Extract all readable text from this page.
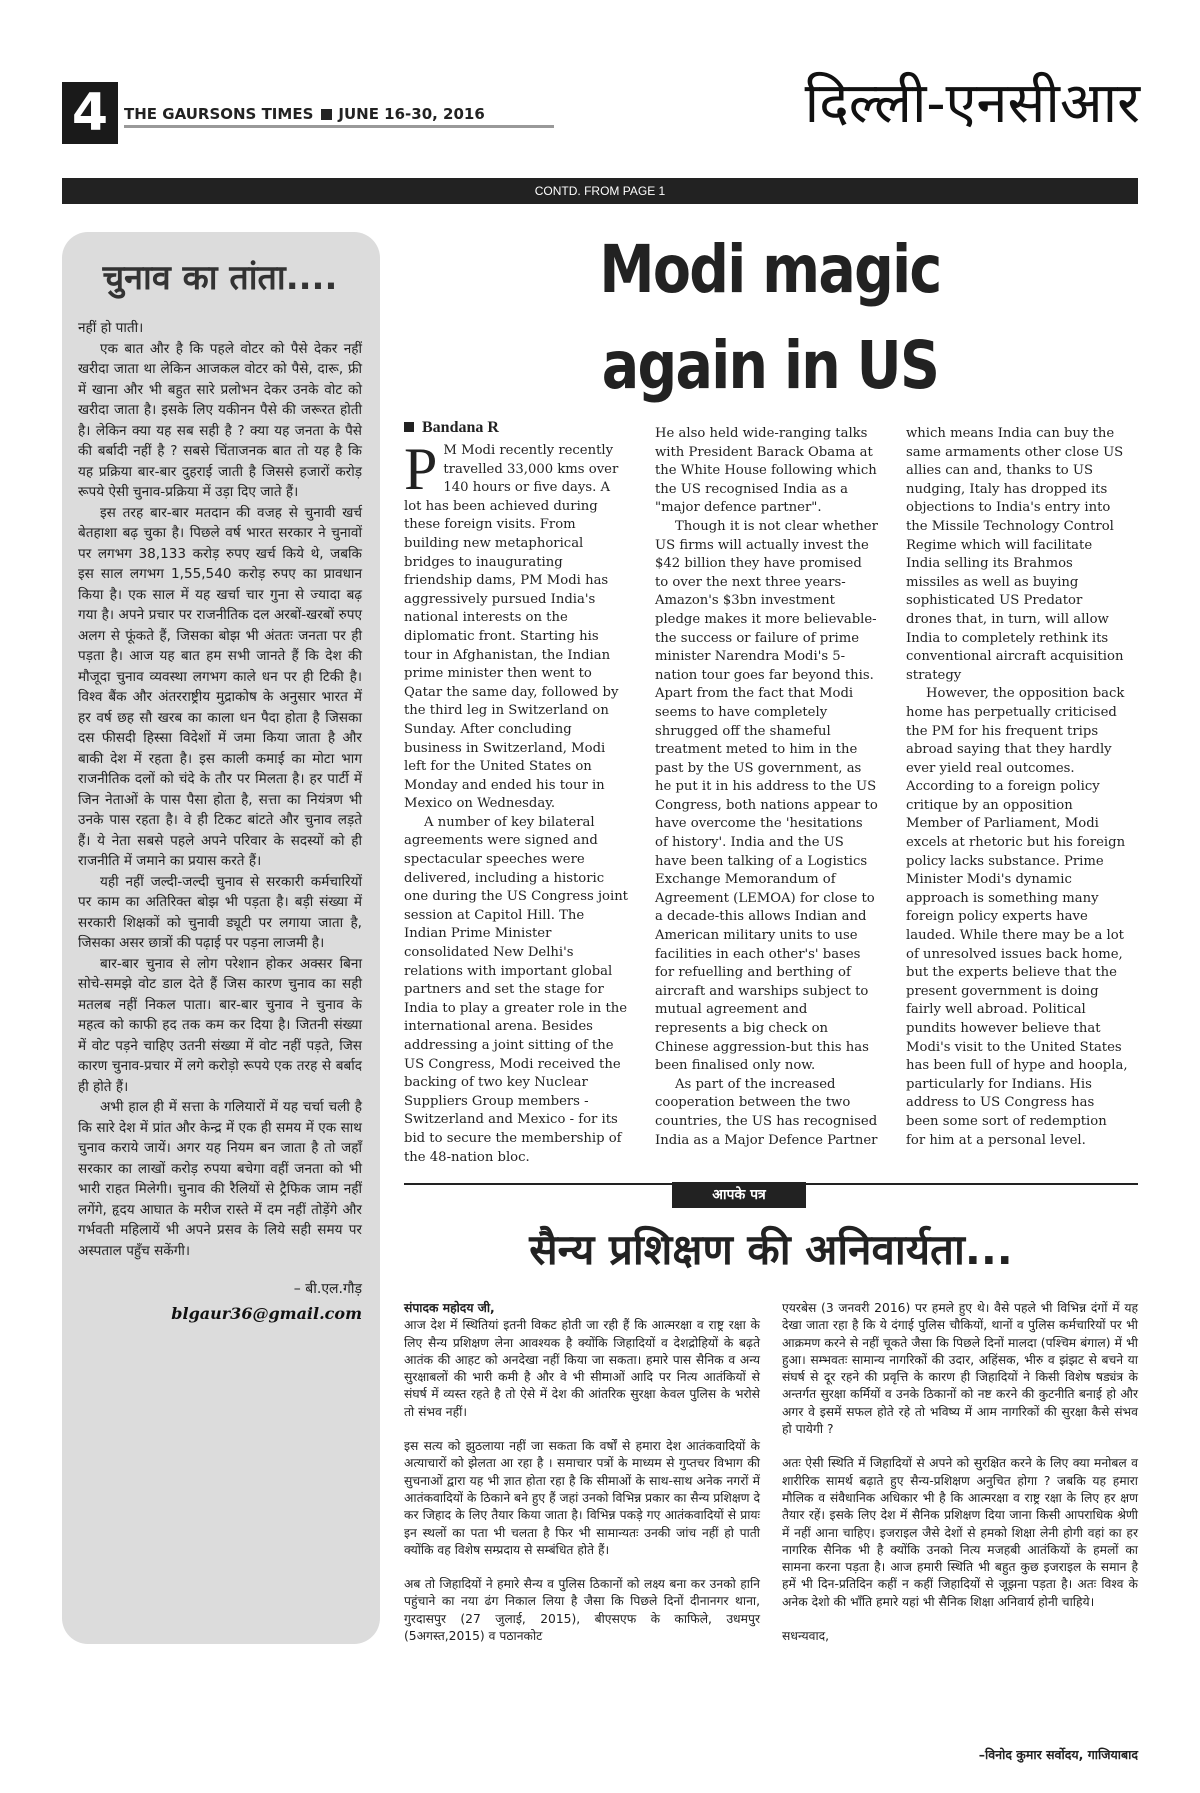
4	THE GAURSONS TIMES JUNE 16-30, 2016	दिल्ली-एनसीआर
CONTD. FROM PAGE 1
चुनाव का तांता....

नहीं हो पाती।

एक बात और है कि पहले वोटर को पैसे देकर नहीं खरीदा जाता था लेकिन आजकल वोटर को पैसे, दारू, फ्री में खाना और भी बहुत सारे प्रलोभन देकर उनके वोट को खरीदा जाता है। इसके लिए यकीनन पैसे की जरूरत होती है। लेकिन क्या यह सब सही है ? क्या यह जनता के पैसे की बर्बादी नहीं है ? सबसे चिंताजनक बात तो यह है कि यह प्रक्रिया बार-बार दुहराई जाती है जिससे हजारों करोड़ रूपये ऐसी चुनाव-प्रक्रिया में उड़ा दिए जाते हैं।

इस तरह बार-बार मतदान की वजह से चुनावी खर्च बेतहाशा बढ़ चुका है। पिछले वर्ष भारत सरकार ने चुनावों पर लगभग 38,133 करोड़ रुपए खर्च किये थे, जबकि इस साल लगभग 1,55,540 करोड़ रुपए का प्रावधान किया है। एक साल में यह खर्चा चार गुना से ज्यादा बढ़ गया है। अपने प्रचार पर राजनीतिक दल अरबों-खरबों रुपए अलग से फूंकते हैं, जिसका बोझ भी अंततः जनता पर ही पड़ता है। आज यह बात हम सभी जानते हैं कि देश की मौजूदा चुनाव व्यवस्था लगभग काले धन पर ही टिकी है। विश्व बैंक और अंतरराष्ट्रीय मुद्राकोष के अनुसार भारत में हर वर्ष छह सौ खरब का काला धन पैदा होता है जिसका दस फीसदी हिस्सा विदेशों में जमा किया जाता है और बाकी देश में रहता है। इस काली कमाई का मोटा भाग राजनीतिक दलों को चंदे के तौर पर मिलता है। हर पार्टी में जिन नेताओं के पास पैसा होता है, सत्ता का नियंत्रण भी उनके पास रहता है। वे ही टिकट बांटते और चुनाव लड़ते हैं। ये नेता सबसे पहले अपने परिवार के सदस्यों को ही राजनीति में जमाने का प्रयास करते हैं।

यही नहीं जल्दी-जल्दी चुनाव से सरकारी कर्मचारियों पर काम का अतिरिक्त बोझ भी पड़ता है। बड़ी संख्या में सरकारी शिक्षकों को चुनावी ड्यूटी पर लगाया जाता है, जिसका असर छात्रों की पढ़ाई पर पड़ना लाजमी है।

बार-बार चुनाव से लोग परेशान होकर अक्सर बिना सोचे-समझे वोट डाल देते हैं जिस कारण चुनाव का सही मतलब नहीं निकल पाता। बार-बार चुनाव ने चुनाव के महत्व को काफी हद तक कम कर दिया है। जितनी संख्या में वोट पड़ने चाहिए उतनी संख्या में वोट नहीं पड़ते, जिस कारण चुनाव-प्रचार में लगे करोड़ो रूपये एक तरह से बर्बाद ही होते हैं।

अभी हाल ही में सत्ता के गलियारों में यह चर्चा चली है कि सारे देश में प्रांत और केन्द्र में एक ही समय में एक साथ चुनाव कराये जायें। अगर यह नियम बन जाता है तो जहाँ सरकार का लाखों करोड़ रुपया बचेगा वहीं जनता को भी भारी राहत मिलेगी। चुनाव की रैलियों से ट्रैफिक जाम नहीं लगेंगे, हृदय आघात के मरीज रास्ते में दम नहीं तोड़ेंगे और गर्भवती महिलायें भी अपने प्रसव के लिये सही समय पर अस्पताल पहुँच सकेंगी।

– बी.एल.गौड़
blgaur36@gmail.com
Modi magic
again in US
Bandana R

P M Modi recently recently travelled 33,000 kms over 140 hours or five days. A lot has been achieved during these foreign visits. From building new metaphorical bridges to inaugurating friendship dams, PM Modi has aggressively pursued India's national interests on the diplomatic front. Starting his tour in Afghanistan, the Indian prime minister then went to Qatar the same day, followed by the third leg in Switzerland on Sunday. After concluding business in Switzerland, Modi left for the United States on Monday and ended his tour in Mexico on Wednesday.

A number of key bilateral agreements were signed and spectacular speeches were delivered, including a historic one during the US Congress joint session at Capitol Hill. The Indian Prime Minister consolidated New Delhi's relations with important global partners and set the stage for India to play a greater role in the international arena. Besides addressing a joint sitting of the US Congress, Modi received the backing of two key Nuclear Suppliers Group members - Switzerland and Mexico - for its bid to secure the membership of the 48-nation bloc.

He also held wide-ranging talks with President Barack Obama at the White House following which the US recognised India as a "major defence partner".

Though it is not clear whether US firms will actually invest the $42 billion they have promised to over the next three years-Amazon's $3bn investment pledge makes it more believable-the success or failure of prime minister Narendra Modi's 5-nation tour goes far beyond this. Apart from the fact that Modi seems to have completely shrugged off the shameful treatment meted to him in the past by the US government, as he put it in his address to the US Congress, both nations appear to have overcome the 'hesitations of history'. India and the US have been talking of a Logistics Exchange Memorandum of Agreement (LEMOA) for close to a decade-this allows Indian and American military units to use facilities in each other's' bases for refuelling and berthing of aircraft and warships subject to mutual agreement and represents a big check on Chinese aggression-but this has been finalised only now.

As part of the increased cooperation between the two countries, the US has recognised India as a Major Defence Partner

which means India can buy the same armaments other close US allies can and, thanks to US nudging, Italy has dropped its objections to India's entry into the Missile Technology Control Regime which will facilitate India selling its Brahmos missiles as well as buying sophisticated US Predator drones that, in turn, will allow India to completely rethink its conventional aircraft acquisition strategy

However, the opposition back home has perpetually criticised the PM for his frequent trips abroad saying that they hardly ever yield real outcomes. According to a foreign policy critique by an opposition Member of Parliament, Modi excels at rhetoric but his foreign policy lacks substance. Prime Minister Modi's dynamic approach is something many foreign policy experts have lauded. While there may be a lot of unresolved issues back home, but the experts believe that the present government is doing fairly well abroad. Political pundits however believe that Modi's visit to the United States has been full of hype and hoopla, particularly for Indians. His address to US Congress has been some sort of redemption for him at a personal level.

आपके पत्र
सैन्य प्रशिक्षण की अनिवार्यता...

संपादक महोदय जी,
आज देश में स्थितियां इतनी विकट होती जा रही हैं कि आत्मरक्षा व राष्ट्र रक्षा के लिए सैन्य प्रशिक्षण लेना आवश्यक है क्योंकि जिहादियों व देशद्रोहियों के बढ़ते आतंक की आहट को अनदेखा नहीं किया जा सकता। हमारे पास सैनिक व अन्य सुरक्षाबलों की भारी कमी है और वे भी सीमाओं आदि पर नित्य आतंकियों से संघर्ष में व्यस्त रहते है तो ऐसे में देश की आंतरिक सुरक्षा केवल पुलिस के भरोसे तो संभव नहीं।

इस सत्य को झुठलाया नहीं जा सकता कि वर्षों से हमारा देश आतंकवादियों के अत्याचारों को झेलता आ रहा है । समाचार पत्रों के माध्यम से गुप्तचर विभाग की सुचनाओं द्वारा यह भी ज्ञात होता रहा है कि सीमाओं के साथ-साथ अनेक नगरों में आतंकवादियों के ठिकाने बने हुए हैं जहां उनको विभिन्न प्रकार का सैन्य प्रशिक्षण दे कर जिहाद के लिए तैयार किया जाता है। विभिन्न पकड़े गए आतंकवादियों से प्रायः इन स्थलों का पता भी चलता है फिर भी सामान्यतः उनकी जांच नहीं हो पाती क्योंकि वह विशेष सम्प्रदाय से सम्बंधित होते हैं।

अब तो जिहादियों ने हमारे सैन्य व पुलिस ठिकानों को लक्ष्य बना कर उनको हानि पहुंचाने का नया ढंग निकाल लिया है जैसा कि पिछले दिनों दीनानगर थाना, गुरदासपुर (27 जुलाई, 2015), बीएसएफ के काफिले, उधमपुर (5अगस्त,2015) व पठानकोट

एयरबेस (3 जनवरी 2016) पर हमले हुए थे। वैसे पहले भी विभिन्न दंगों में यह देखा जाता रहा है कि ये दंगाई पुलिस चौकियों, थानों व पुलिस कर्मचारियों पर भी आक्रमण करने से नहीं चूकते जैसा कि पिछले दिनों मालदा (पश्चिम बंगाल) में भी हुआ। सम्भवतः सामान्य नागरिकों की उदार, अहिंसक, भीरु व झंझट से बचने या संघर्ष से दूर रहने की प्रवृत्ति के कारण ही जिहादियों ने किसी विशेष षड्यंत्र के अन्तर्गत सुरक्षा कर्मियों व उनके ठिकानों को नष्ट करने की कुटनीति बनाई हो और अगर वे इसमें सफल होते रहे तो भविष्य में आम नागरिकों की सुरक्षा कैसे संभव हो पायेगी ?

अतः ऐसी स्थिति में जिहादियों से अपने को सुरक्षित करने के लिए क्या मनोबल व शारीरिक सामर्थ बढ़ाते हुए सैन्य-प्रशिक्षण अनुचित होगा ? जबकि यह हमारा मौलिक व संवैधानिक अधिकार भी है कि आत्मरक्षा व राष्ट्र रक्षा के लिए हर क्षण तैयार रहें। इसके लिए देश में सैनिक प्रशिक्षण दिया जाना किसी आपराधिक श्रेणी में नहीं आना चाहिए। इजराइल जैसे देशों से हमको शिक्षा लेनी होगी वहां का हर नागरिक सैनिक भी है क्योंकि उनको नित्य मजहबी आतंकियों के हमलों का सामना करना पड़ता है। आज हमारी स्थिति भी बहुत कुछ इजराइल के समान है हमें भी दिन-प्रतिदिन कहीं न कहीं जिहादियों से जूझना पड़ता है। अतः विश्व के अनेक देशो की भाँति हमारे यहां भी सैनिक शिक्षा अनिवार्य होनी चाहिये।

सधन्यवाद,

–विनोद कुमार सर्वोदय, गाजियाबाद
